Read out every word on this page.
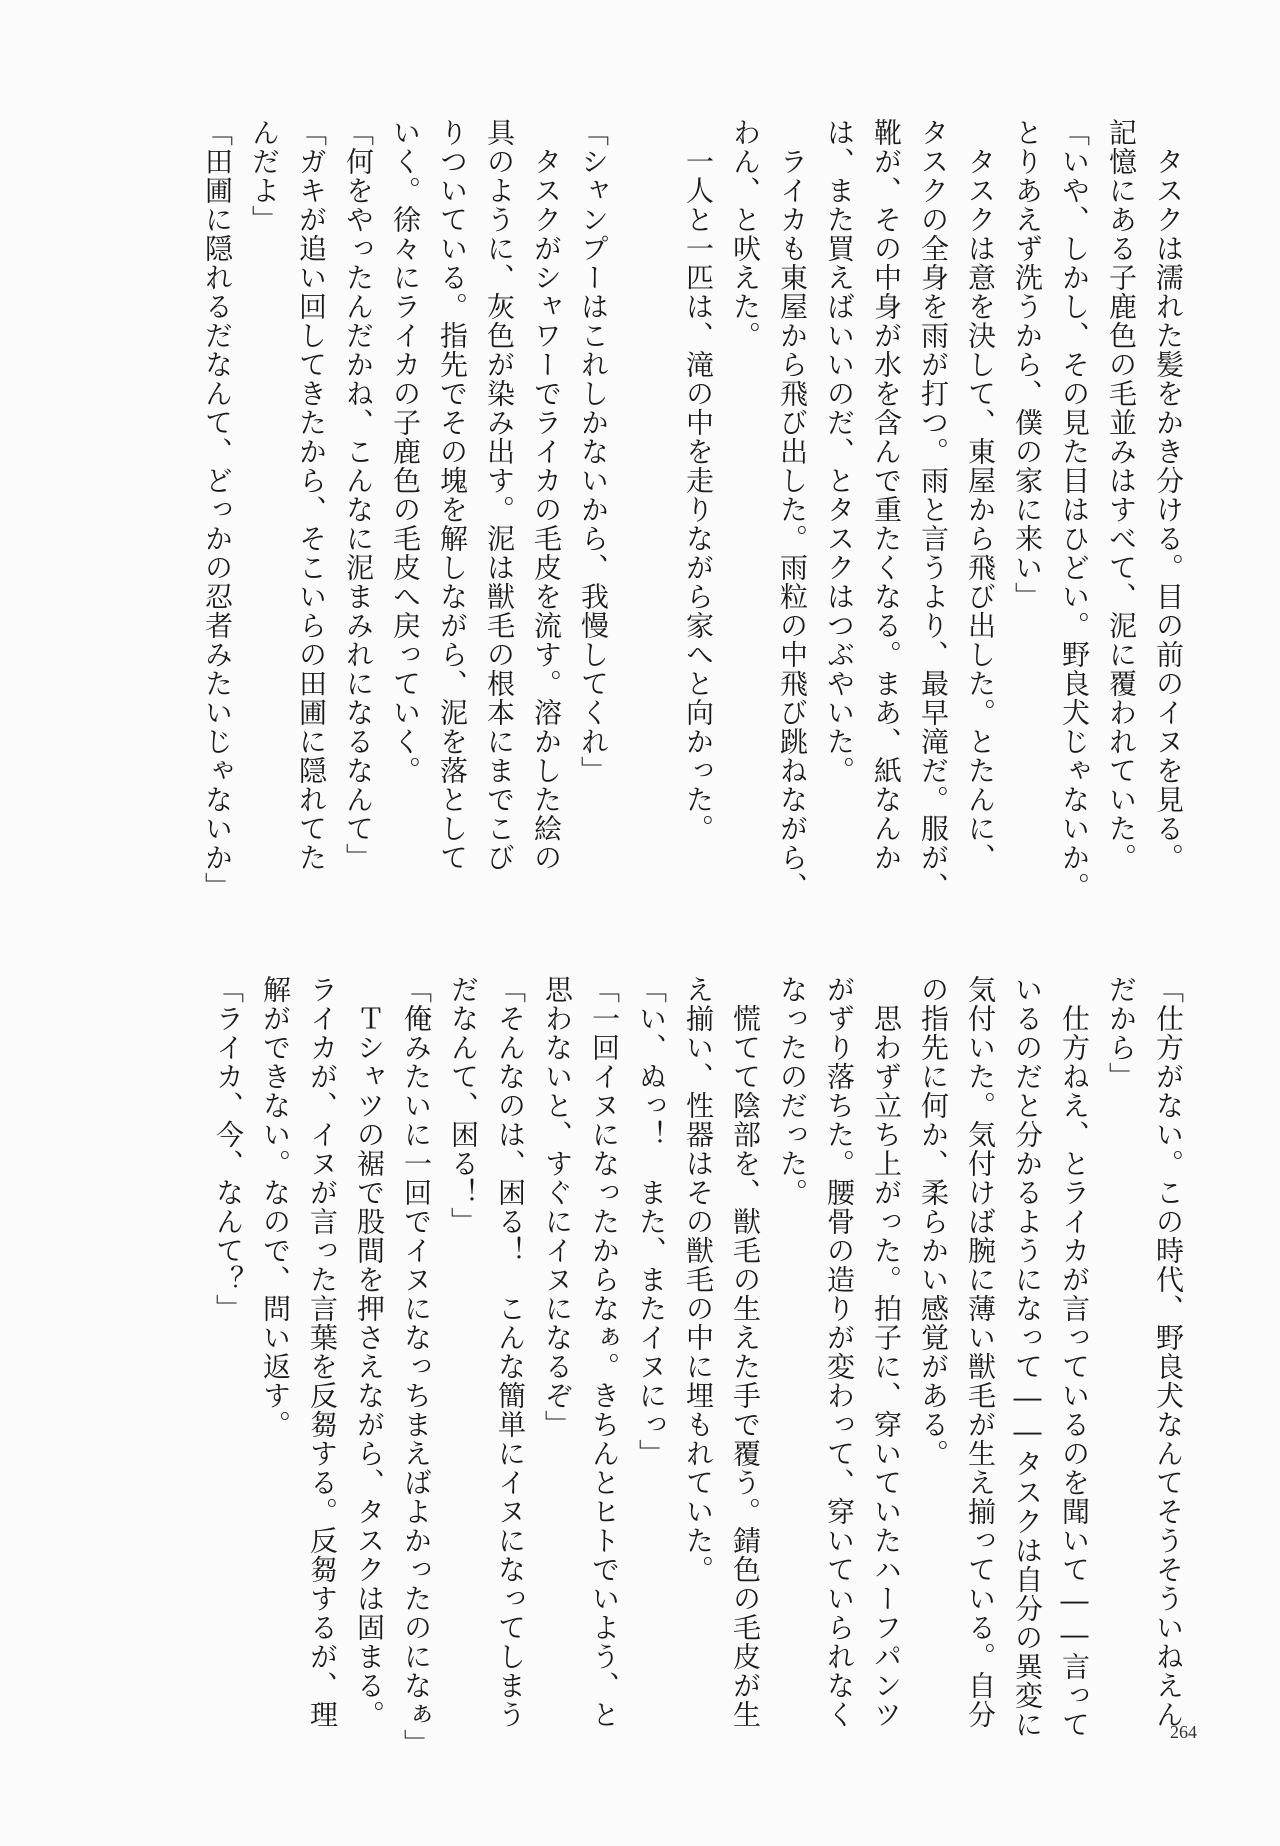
　タスクは濡れた髪をかき分ける。目の前のイヌを見る。
記憶にある子鹿色の毛並みはすべて、泥に覆われていた。
「いや、しかし、その見た目はひどい。野良犬じゃないか。
とりあえず洗うから、僕の家に来い」
　タスクは意を決して、東屋から飛び出した。とたんに、
タスクの全身を雨が打つ。雨と言うより、最早滝だ。服が、
靴が、その中身が水を含んで重たくなる。まあ、紙なんか
は、また買えばいいのだ、とタスクはつぶやいた。
　ライカも東屋から飛び出した。雨粒の中飛び跳ねながら、
わん、と吠えた。
　一人と一匹は、滝の中を走りながら家へと向かった。
「シャンプーはこれしかないから、我慢してくれ」
　タスクがシャワーでライカの毛皮を流す。溶かした絵の
具のように、灰色が染み出す。泥は獣毛の根本にまでこび
りついている。指先でその塊を解しながら、泥を落として
いく。徐々にライカの子鹿色の毛皮へ戻っていく。
「何をやったんだかね、こんなに泥まみれになるなんて」
「ガキが追い回してきたから、そこいらの田圃に隠れてた
んだよ」
「田圃に隠れるだなんて、どっかの忍者みたいじゃないか」
「仕方がない。この時代、野良犬なんてそうそういねえん
だから」
　仕方ねえ、とライカが言っているのを聞いて――言って
いるのだと分かるようになって――タスクは自分の異変に
気付いた。気付けば腕に薄い獣毛が生え揃っている。自分
の指先に何か、柔らかい感覚がある。
　思わず立ち上がった。拍子に、穿いていたハーフパンツ
がずり落ちた。腰骨の造りが変わって、穿いていられなく
なったのだった。
　慌てて陰部を、獣毛の生えた手で覆う。錆色の毛皮が生
え揃い、性器はその獣毛の中に埋もれていた。
「い、ぬっ！　また、またイヌにっ」
「一回イヌになったからなぁ。きちんとヒトでいよう、と
思わないと、すぐにイヌになるぞ」
「そんなのは、困る！　こんな簡単にイヌになってしまう
だなんて、困る！」
「俺みたいに一回でイヌになっちまえばよかったのになぁ」
　Ｔシャツの裾で股間を押さえながら、タスクは固まる。
ライカが、イヌが言った言葉を反芻する。反芻するが、理
解ができない。なので、問い返す。
「ライカ、今、なんて？」
264
